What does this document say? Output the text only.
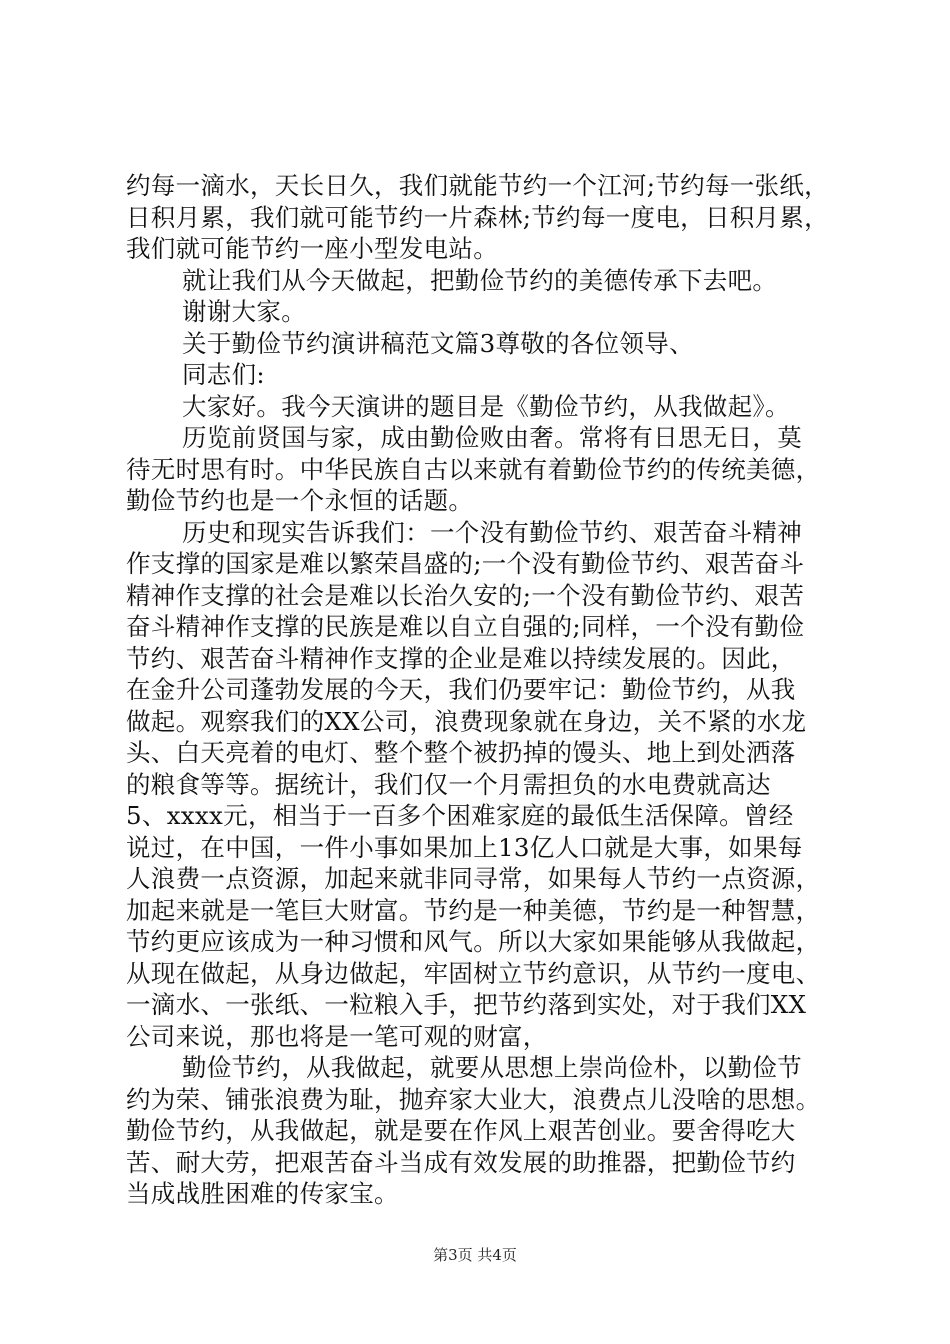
约每一滴水，天长日久，我们就能节约一个江河;节约每一张纸，
日积月累，我们就可能节约一片森林;节约每一度电，日积月累，
我们就可能节约一座小型发电站。
就让我们从今天做起，把勤俭节约的美德传承下去吧。
谢谢大家。
关于勤俭节约演讲稿范文篇3尊敬的各位领导、
同志们:
大家好。我今天演讲的题目是《勤俭节约，从我做起》。
历览前贤国与家，成由勤俭败由奢。常将有日思无日，莫
待无时思有时。中华民族自古以来就有着勤俭节约的传统美德，
勤俭节约也是一个永恒的话题。
历史和现实告诉我们：一个没有勤俭节约、艰苦奋斗精神
作支撑的国家是难以繁荣昌盛的;一个没有勤俭节约、艰苦奋斗
精神作支撑的社会是难以长治久安的;一个没有勤俭节约、艰苦
奋斗精神作支撑的民族是难以自立自强的;同样，一个没有勤俭
节约、艰苦奋斗精神作支撑的企业是难以持续发展的。因此，
在金升公司蓬勃发展的今天，我们仍要牢记：勤俭节约，从我
做起。观察我们的XX公司，浪费现象就在身边，关不紧的水龙
头、白天亮着的电灯、整个整个被扔掉的馒头、地上到处洒落
的粮食等等。据统计，我们仅一个月需担负的水电费就高达
5、xxxx元，相当于一百多个困难家庭的最低生活保障。曾经
说过，在中国，一件小事如果加上13亿人口就是大事，如果每
人浪费一点资源，加起来就非同寻常，如果每人节约一点资源，
加起来就是一笔巨大财富。节约是一种美德，节约是一种智慧，
节约更应该成为一种习惯和风气。所以大家如果能够从我做起，
从现在做起，从身边做起，牢固树立节约意识，从节约一度电、
一滴水、一张纸、一粒粮入手，把节约落到实处，对于我们XX
公司来说，那也将是一笔可观的财富，
勤俭节约，从我做起，就要从思想上崇尚俭朴，以勤俭节
约为荣、铺张浪费为耻，抛弃家大业大，浪费点儿没啥的思想。
勤俭节约，从我做起，就是要在作风上艰苦创业。要舍得吃大
苦、耐大劳，把艰苦奋斗当成有效发展的助推器，把勤俭节约
当成战胜困难的传家宝。
第3页 共4页
